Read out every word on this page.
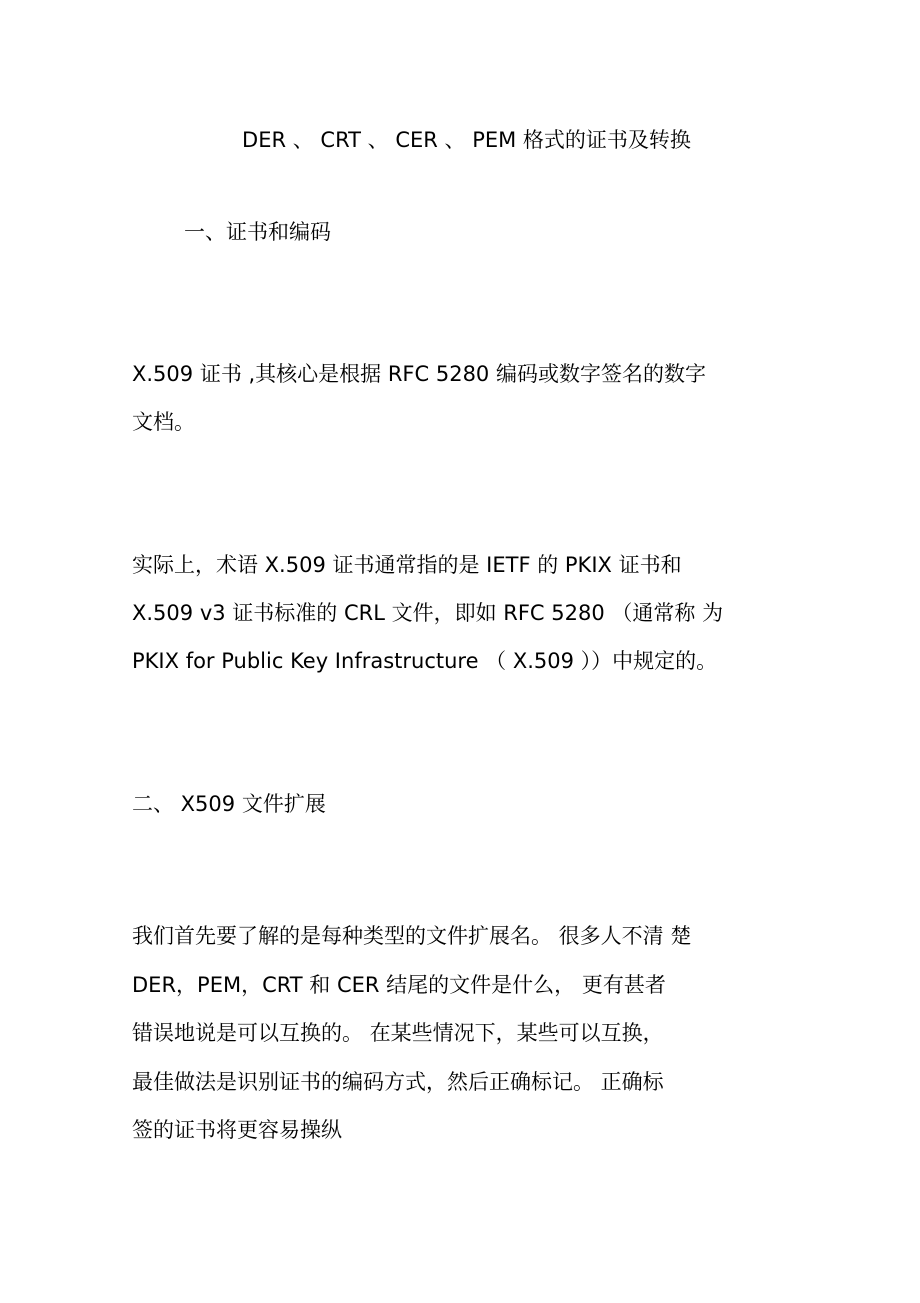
DER 、 CRT 、 CER 、 PEM 格式的证书及转换
一、证书和编码
X.509 证书 ,其核心是根据 RFC 5280 编码或数字签名的数字
文档。
实际上，术语 X.509 证书通常指的是 IETF 的 PKIX 证书和
X.509 v3 证书标准的 CRL 文件，即如 RFC 5280 （通常称 为
PKIX for Public Key Infrastructure （ X.509 ））中规定的。
二、 X509 文件扩展
我们首先要了解的是每种类型的文件扩展名。 很多人不清 楚
DER，PEM，CRT 和 CER 结尾的文件是什么， 更有甚者
错误地说是可以互换的。 在某些情况下，某些可以互换，
最佳做法是识别证书的编码方式，然后正确标记。 正确标
签的证书将更容易操纵
